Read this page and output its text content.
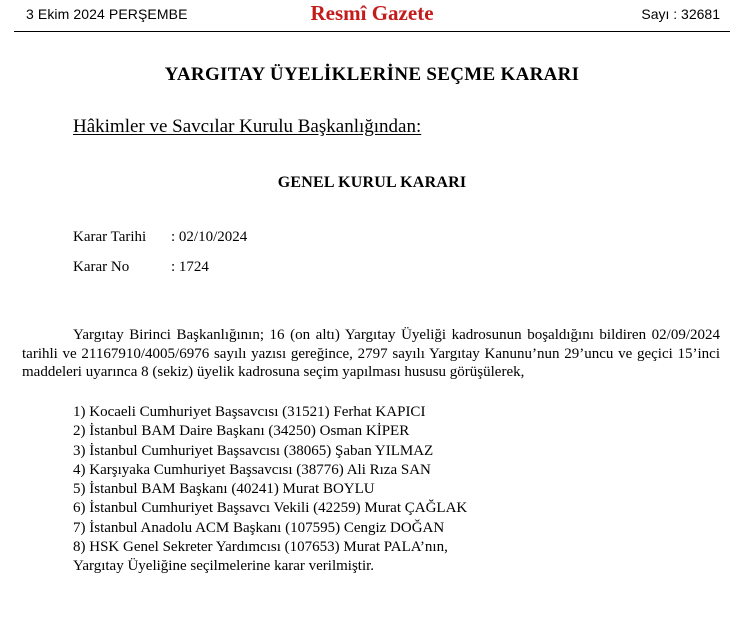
3 Ekim 2024 PERŞEMBE	Resmî Gazete	Sayı : 32681
YARGITAY ÜYELİKLERİNE SEÇME KARARI
Hâkimler ve Savcılar Kurulu Başkanlığından:
GENEL KURUL KARARI
Karar Tarihi : 02/10/2024
Karar No	: 1724

Yargıtay Birinci Başkanlığının; 16 (on altı) Yargıtay Üyeliği kadrosunun boşaldığını bildiren 02/09/2024 tarihli ve 21167910/4005/6976 sayılı yazısı gereğince, 2797 sayılı Yargıtay Kanunu’nun 29’uncu ve geçici 15’inci maddeleri uyarınca 8 (sekiz) üyelik kadrosuna seçim yapılması hususu görüşülerek,

1) Kocaeli Cumhuriyet Başsavcısı (31521) Ferhat KAPICI
2) İstanbul BAM Daire Başkanı (34250) Osman KİPER
3) İstanbul Cumhuriyet Başsavcısı (38065) Şaban YILMAZ
4) Karşıyaka Cumhuriyet Başsavcısı (38776) Ali Rıza SAN
5) İstanbul BAM Başkanı (40241) Murat BOYLU
6) İstanbul Cumhuriyet Başsavcı Vekili (42259) Murat ÇAĞLAK
7) İstanbul Anadolu ACM Başkanı (107595) Cengiz DOĞAN
8) HSK Genel Sekreter Yardımcısı (107653) Murat PALA’nın,
Yargıtay Üyeliğine seçilmelerine karar verilmiştir.
